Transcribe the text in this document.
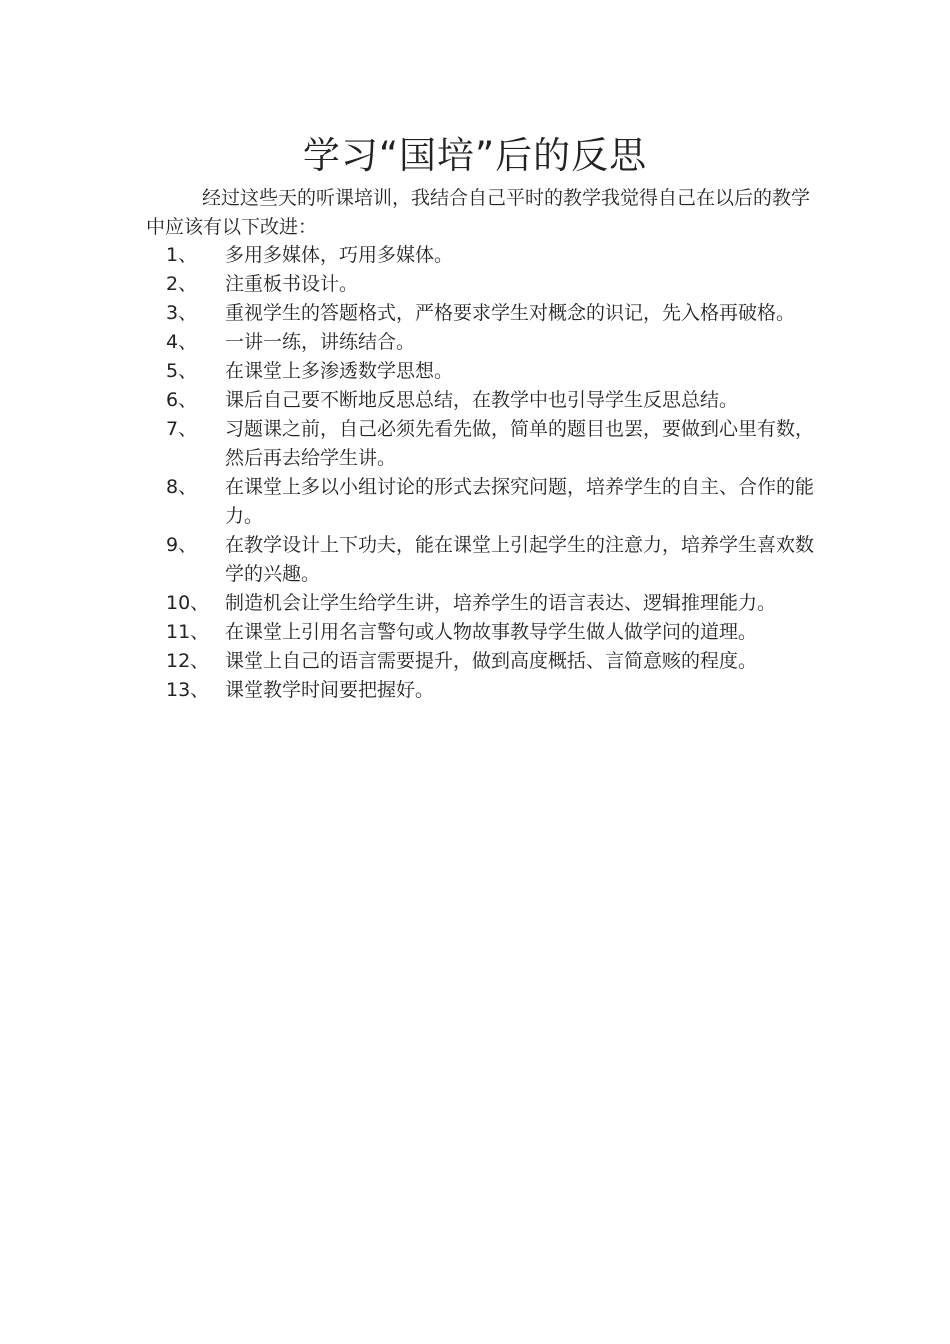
学习“国培”后的反思
经过这些天的听课培训，我结合自己平时的教学我觉得自己在以后的教学中应该有以下改进：
1、 多用多媒体，巧用多媒体。
2、 注重板书设计。
3、 重视学生的答题格式，严格要求学生对概念的识记，先入格再破格。
4、 一讲一练，讲练结合。
5、 在课堂上多渗透数学思想。
6、 课后自己要不断地反思总结，在教学中也引导学生反思总结。
7、 习题课之前，自己必须先看先做，简单的题目也罢，要做到心里有数，然后再去给学生讲。
8、 在课堂上多以小组讨论的形式去探究问题，培养学生的自主、合作的能力。
9、 在教学设计上下功夫，能在课堂上引起学生的注意力，培养学生喜欢数学的兴趣。
10、 制造机会让学生给学生讲，培养学生的语言表达、逻辑推理能力。
11、 在课堂上引用名言警句或人物故事教导学生做人做学问的道理。
12、 课堂上自己的语言需要提升，做到高度概括、言简意赅的程度。
13、 课堂教学时间要把握好。
